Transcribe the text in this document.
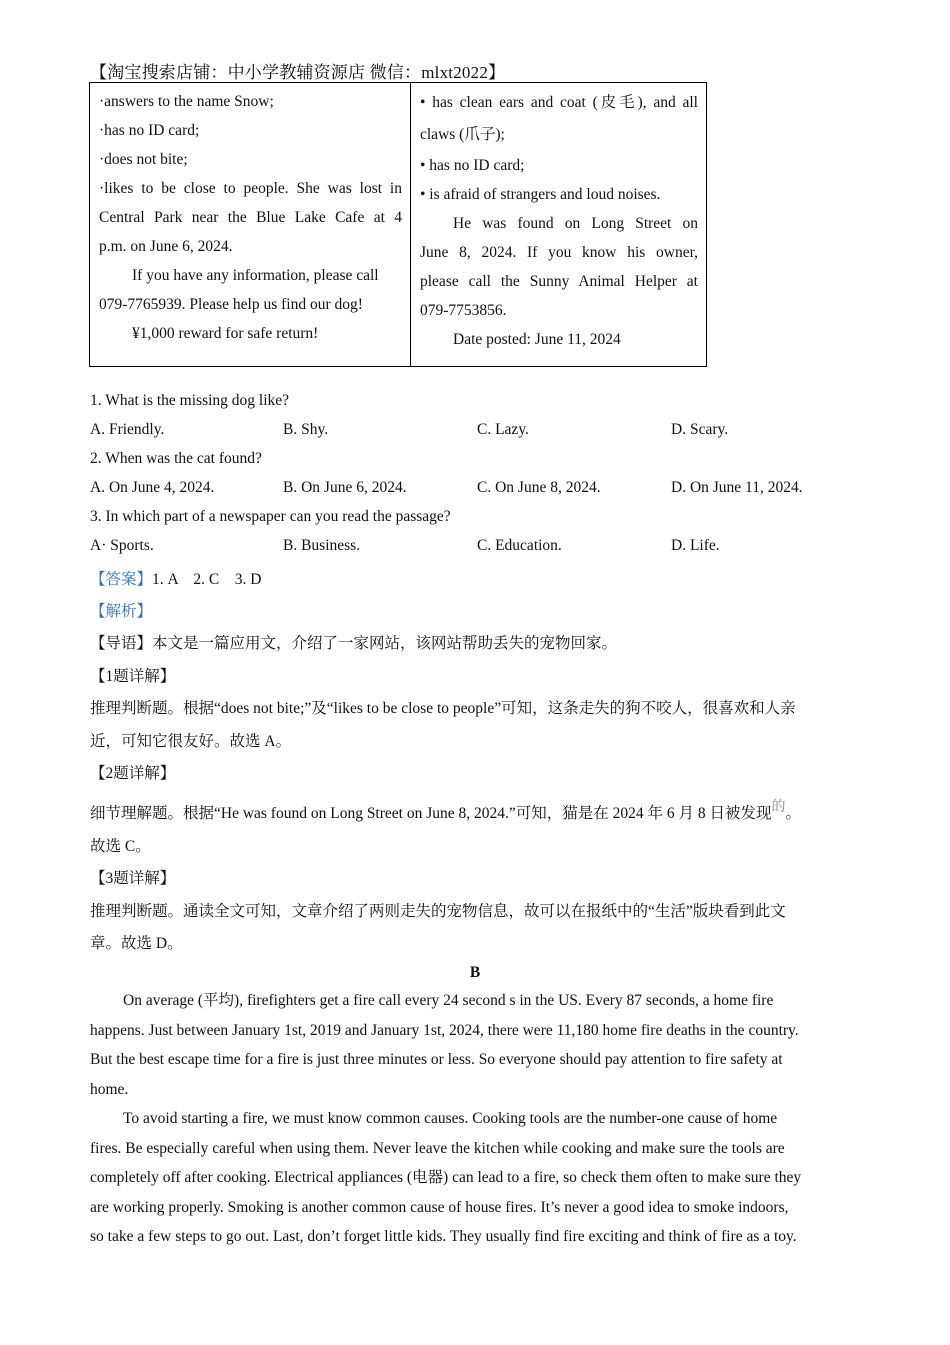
【淘宝搜索店铺：中小学教辅资源店 微信：mlxt2022】
·answers to the name Snow;
·has no ID card;
·does not bite;
·likes to be close to people. She was lost in
Central Park near the Blue Lake Cafe at 4
p.m. on June 6, 2024.
If you have any information, please call
079-7765939. Please help us find our dog!
¥1,000 reward for safe return!

• has clean ears and coat (皮毛), and all
claws (爪子);
• has no ID card;
• is afraid of strangers and loud noises.
He was found on Long Street on
June 8, 2024. If you know his owner,
please call the Sunny Animal Helper at
079-7753856.
Date posted: June 11, 2024
1. What is the missing dog like?
A. Friendly.	B. Shy.	C. Lazy.	D. Scary.
2. When was the cat found?
A. On June 4, 2024.	B. On June 6, 2024.	C. On June 8, 2024.	D. On June 11, 2024.
3. In which part of a newspaper can you read the passage?
A· Sports.	B. Business.	C. Education.	D. Life.
【答案】1. A    2. C    3. D
【解析】
【导语】本文是一篇应用文，介绍了一家网站，该网站帮助丢失的宠物回家。
【1题详解】
推理判断题。根据“does not bite;”及“likes to be close to people”可知，这条走失的狗不咬人，很喜欢和人亲
近，可知它很友好。故选 A。
【2题详解】
细节理解题。根据“He was found on Long Street on June 8, 2024.”可知，猫是在 2024 年 6 月 8 日被发现的。
故选 C。
【3题详解】
推理判断题。通读全文可知，文章介绍了两则走失的宠物信息，故可以在报纸中的“生活”版块看到此文
章。故选 D。
B
On average (平均), firefighters get a fire call every 24 second s in the US. Every 87 seconds, a home fire
happens. Just between January 1st, 2019 and January 1st, 2024, there were 11,180 home fire deaths in the country.
But the best escape time for a fire is just three minutes or less. So everyone should pay attention to fire safety at
home.
To avoid starting a fire, we must know common causes. Cooking tools are the number-one cause of home
fires. Be especially careful when using them. Never leave the kitchen while cooking and make sure the tools are
completely off after cooking. Electrical appliances (电器) can lead to a fire, so check them often to make sure they
are working properly. Smoking is another common cause of house fires. It’s never a good idea to smoke indoors,
so take a few steps to go out. Last, don’t forget little kids. They usually find fire exciting and think of fire as a toy.
